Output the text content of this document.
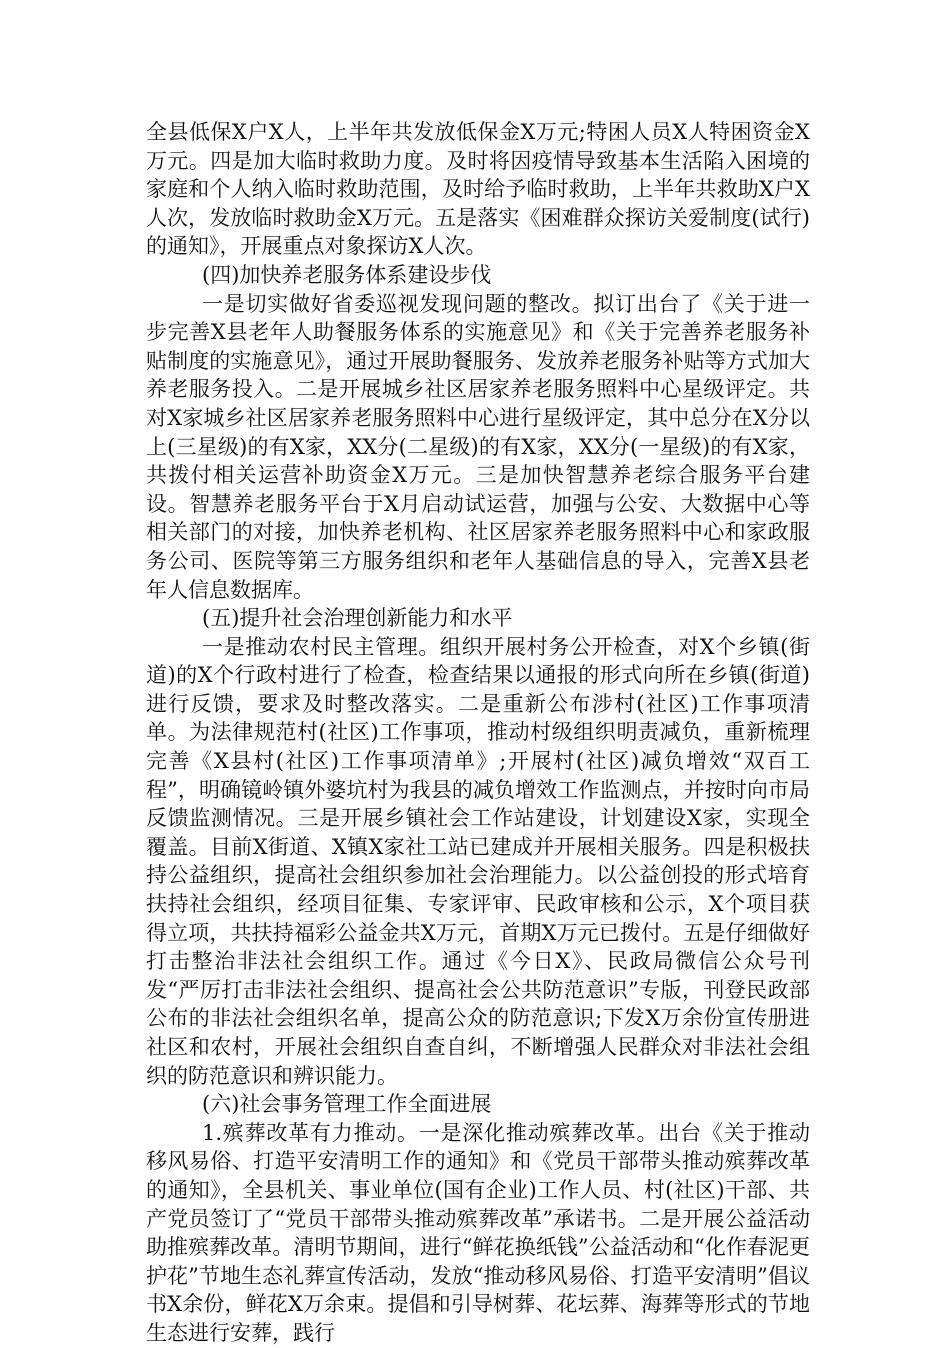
全县低保X户X人，上半年共发放低保金X万元;特困人员X人特困资金X万元。四是加大临时救助力度。及时将因疫情导致基本生活陷入困境的家庭和个人纳入临时救助范围，及时给予临时救助，上半年共救助X户X人次，发放临时救助金X万元。五是落实《困难群众探访关爱制度(试行)的通知》，开展重点对象探访X人次。

(四)加快养老服务体系建设步伐

一是切实做好省委巡视发现问题的整改。拟订出台了《关于进一步完善X县老年人助餐服务体系的实施意见》和《关于完善养老服务补贴制度的实施意见》，通过开展助餐服务、发放养老服务补贴等方式加大养老服务投入。二是开展城乡社区居家养老服务照料中心星级评定。共对X家城乡社区居家养老服务照料中心进行星级评定，其中总分在X分以上(三星级)的有X家，XX分(二星级)的有X家，XX分(一星级)的有X家，共拨付相关运营补助资金X万元。三是加快智慧养老综合服务平台建设。智慧养老服务平台于X月启动试运营，加强与公安、大数据中心等相关部门的对接，加快养老机构、社区居家养老服务照料中心和家政服务公司、医院等第三方服务组织和老年人基础信息的导入，完善X县老年人信息数据库。

(五)提升社会治理创新能力和水平

一是推动农村民主管理。组织开展村务公开检查，对X个乡镇(街道)的X个行政村进行了检查，检查结果以通报的形式向所在乡镇(街道)进行反馈，要求及时整改落实。二是重新公布涉村(社区)工作事项清单。为法律规范村(社区)工作事项，推动村级组织明责减负，重新梳理完善《X县村(社区)工作事项清单》;开展村(社区)减负增效“双百工程”，明确镜岭镇外婆坑村为我县的减负增效工作监测点，并按时向市局反馈监测情况。三是开展乡镇社会工作站建设，计划建设X家，实现全覆盖。目前X街道、X镇X家社工站已建成并开展相关服务。四是积极扶持公益组织，提高社会组织参加社会治理能力。以公益创投的形式培育扶持社会组织，经项目征集、专家评审、民政审核和公示，X个项目获得立项，共扶持福彩公益金共X万元，首期X万元已拨付。五是仔细做好打击整治非法社会组织工作。通过《今日X》、民政局微信公众号刊发“严厉打击非法社会组织、提高社会公共防范意识”专版，刊登民政部公布的非法社会组织名单，提高公众的防范意识;下发X万余份宣传册进社区和农村，开展社会组织自查自纠，不断增强人民群众对非法社会组织的防范意识和辨识能力。

(六)社会事务管理工作全面进展

1.殡葬改革有力推动。一是深化推动殡葬改革。出台《关于推动移风易俗、打造平安清明工作的通知》和《党员干部带头推动殡葬改革的通知》，全县机关、事业单位(国有企业)工作人员、村(社区)干部、共产党员签订了“党员干部带头推动殡葬改革”承诺书。二是开展公益活动助推殡葬改革。清明节期间，进行“鲜花换纸钱”公益活动和“化作春泥更护花”节地生态礼葬宣传活动，发放“推动移风易俗、打造平安清明”倡议书X余份，鲜花X万余束。提倡和引导树葬、花坛葬、海葬等形式的节地生态进行安葬，践行
